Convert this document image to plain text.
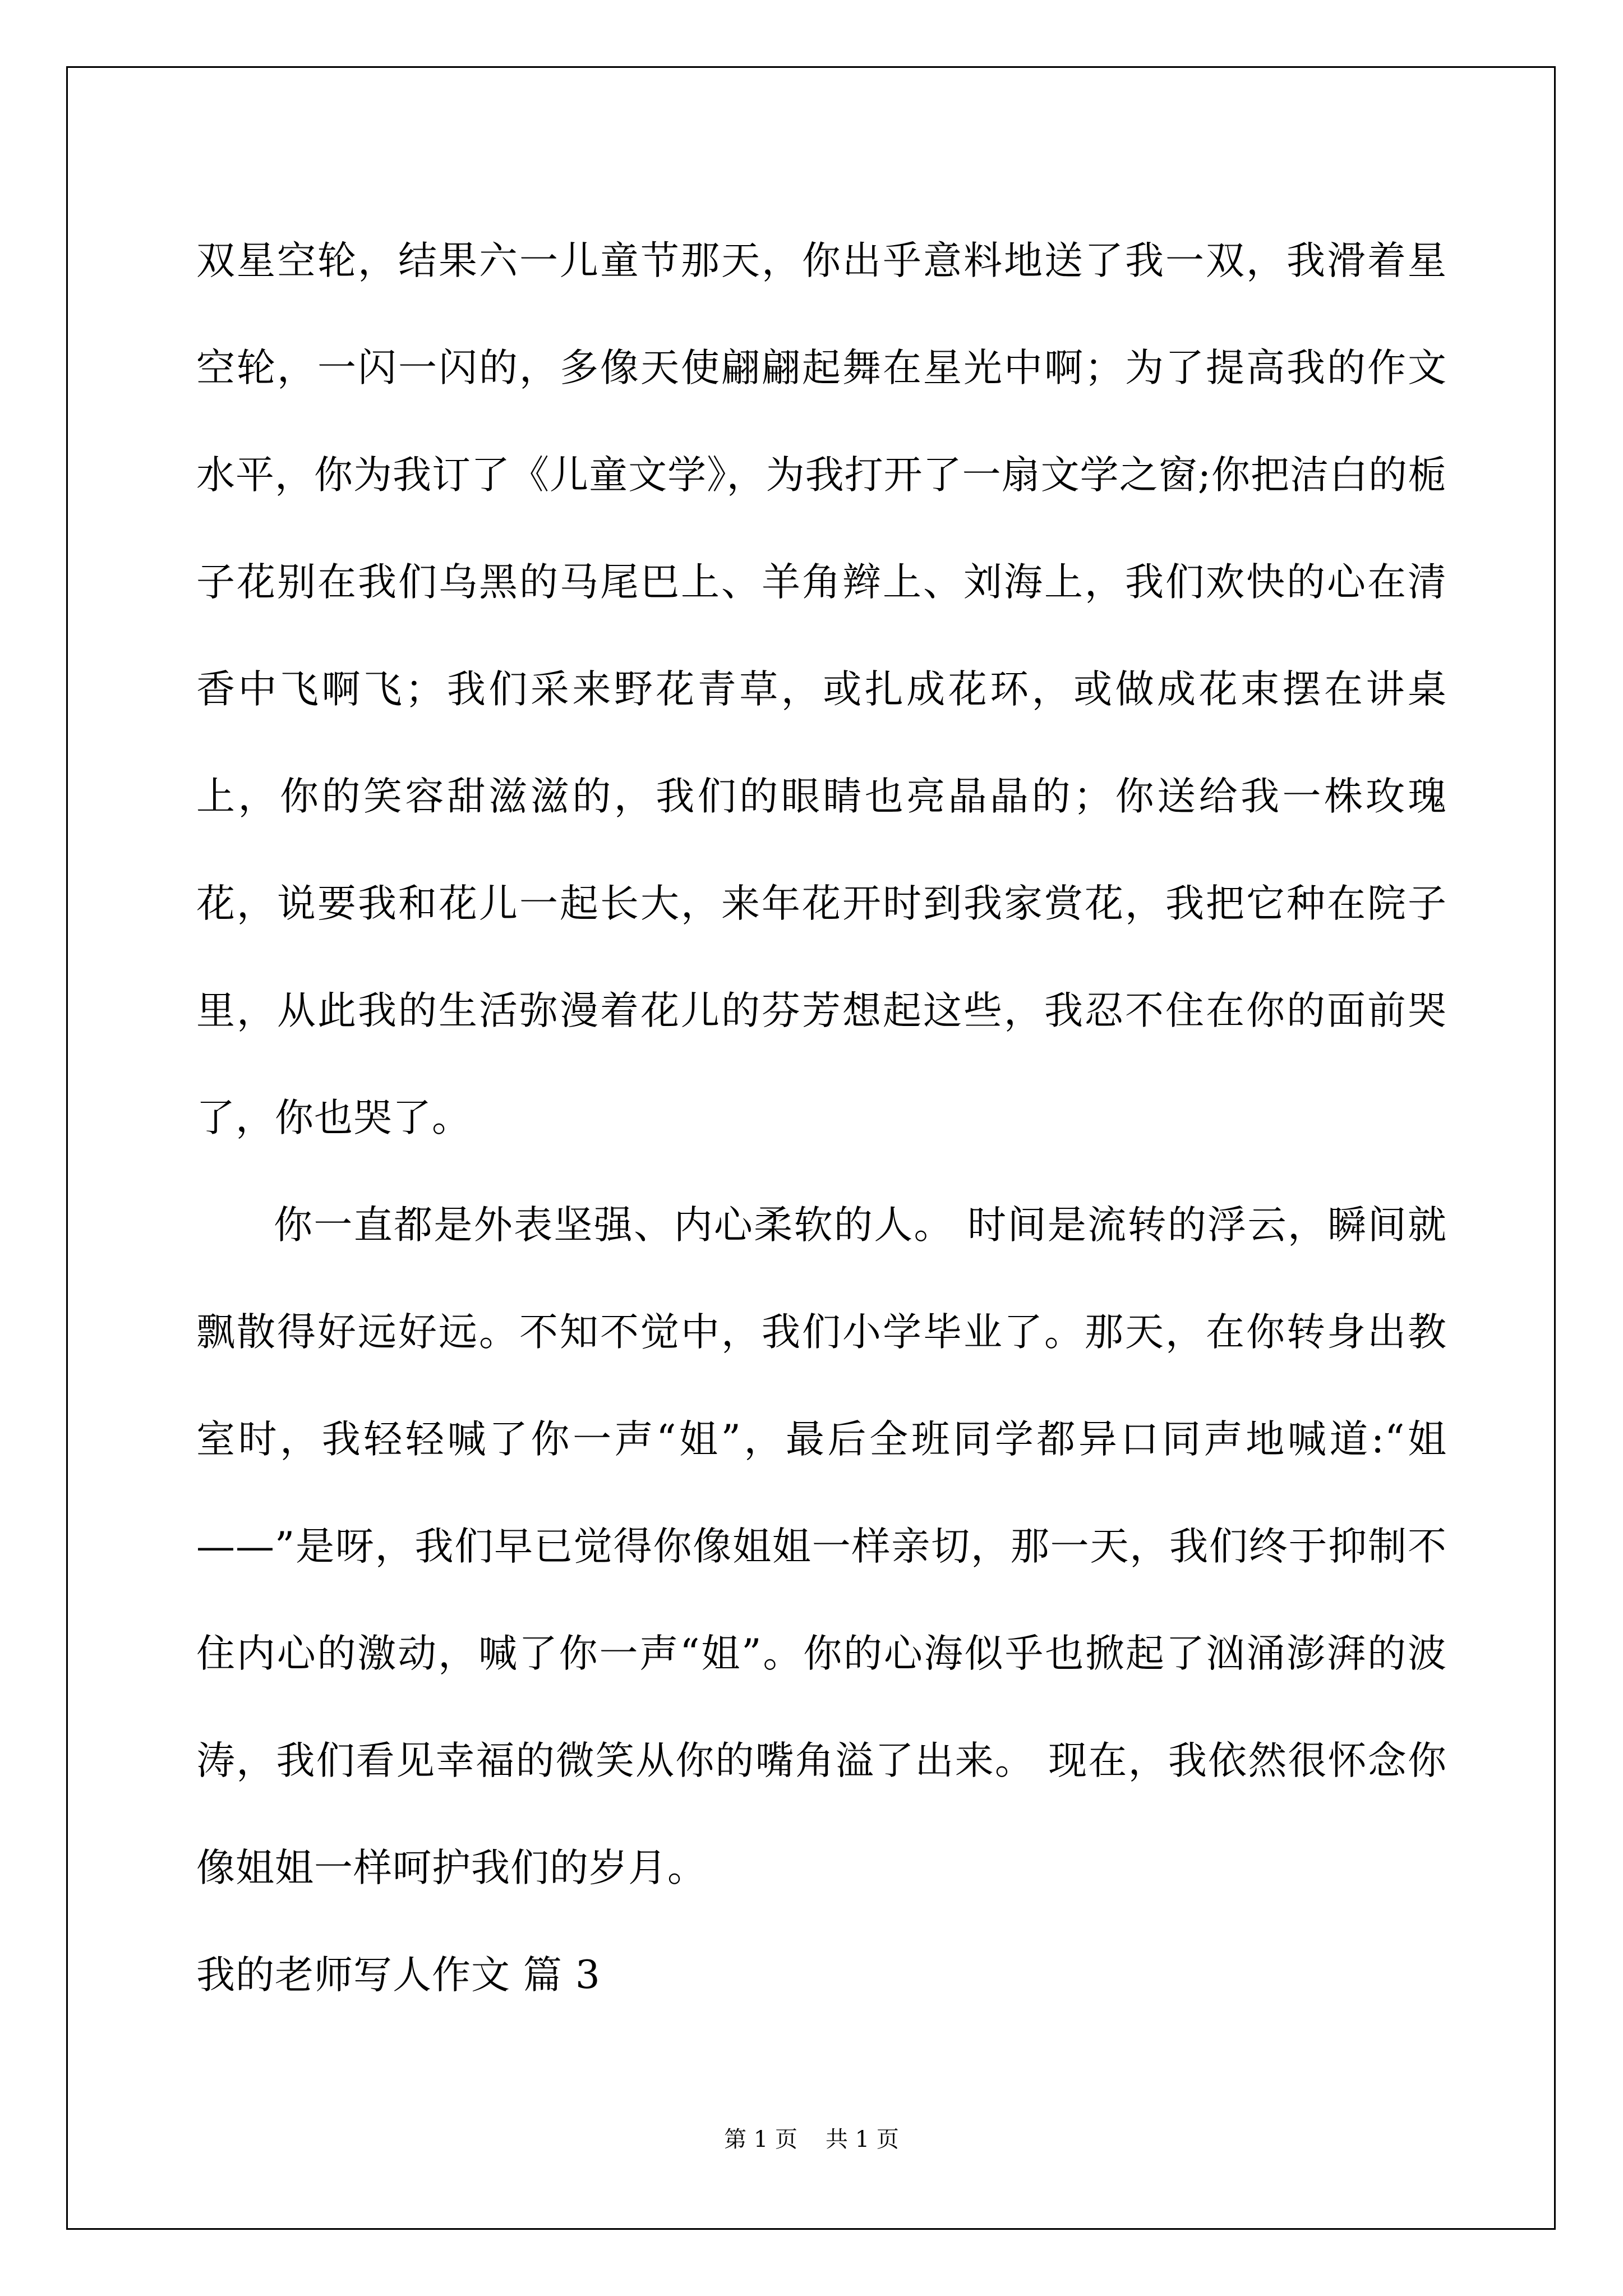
双星空轮，结果六一儿童节那天，你出乎意料地送了我一双，我滑着星空轮，一闪一闪的，多像天使翩翩起舞在星光中啊；为了提高我的作文水平，你为我订了《儿童文学》，为我打开了一扇文学之窗;你把洁白的栀子花别在我们乌黑的马尾巴上、羊角辫上、刘海上，我们欢快的心在清香中飞啊飞；我们采来野花青草，或扎成花环，或做成花束摆在讲桌上，你的笑容甜滋滋的，我们的眼睛也亮晶晶的；你送给我一株玫瑰花，说要我和花儿一起长大，来年花开时到我家赏花，我把它种在院子里，从此我的生活弥漫着花儿的芬芳想起这些，我忍不住在你的面前哭了，你也哭了。

你一直都是外表坚强、内心柔软的人。 时间是流转的浮云，瞬间就飘散得好远好远。不知不觉中，我们小学毕业了。那天，在你转身出教室时，我轻轻喊了你一声“姐”，最后全班同学都异口同声地喊道:“姐——”是呀，我们早已觉得你像姐姐一样亲切，那一天，我们终于抑制不住内心的激动，喊了你一声“姐”。你的心海似乎也掀起了汹涌澎湃的波涛，我们看见幸福的微笑从你的嘴角溢了出来。 现在，我依然很怀念你像姐姐一样呵护我们的岁月。

我的老师写人作文 篇 3

第 1 页 共 1 页
